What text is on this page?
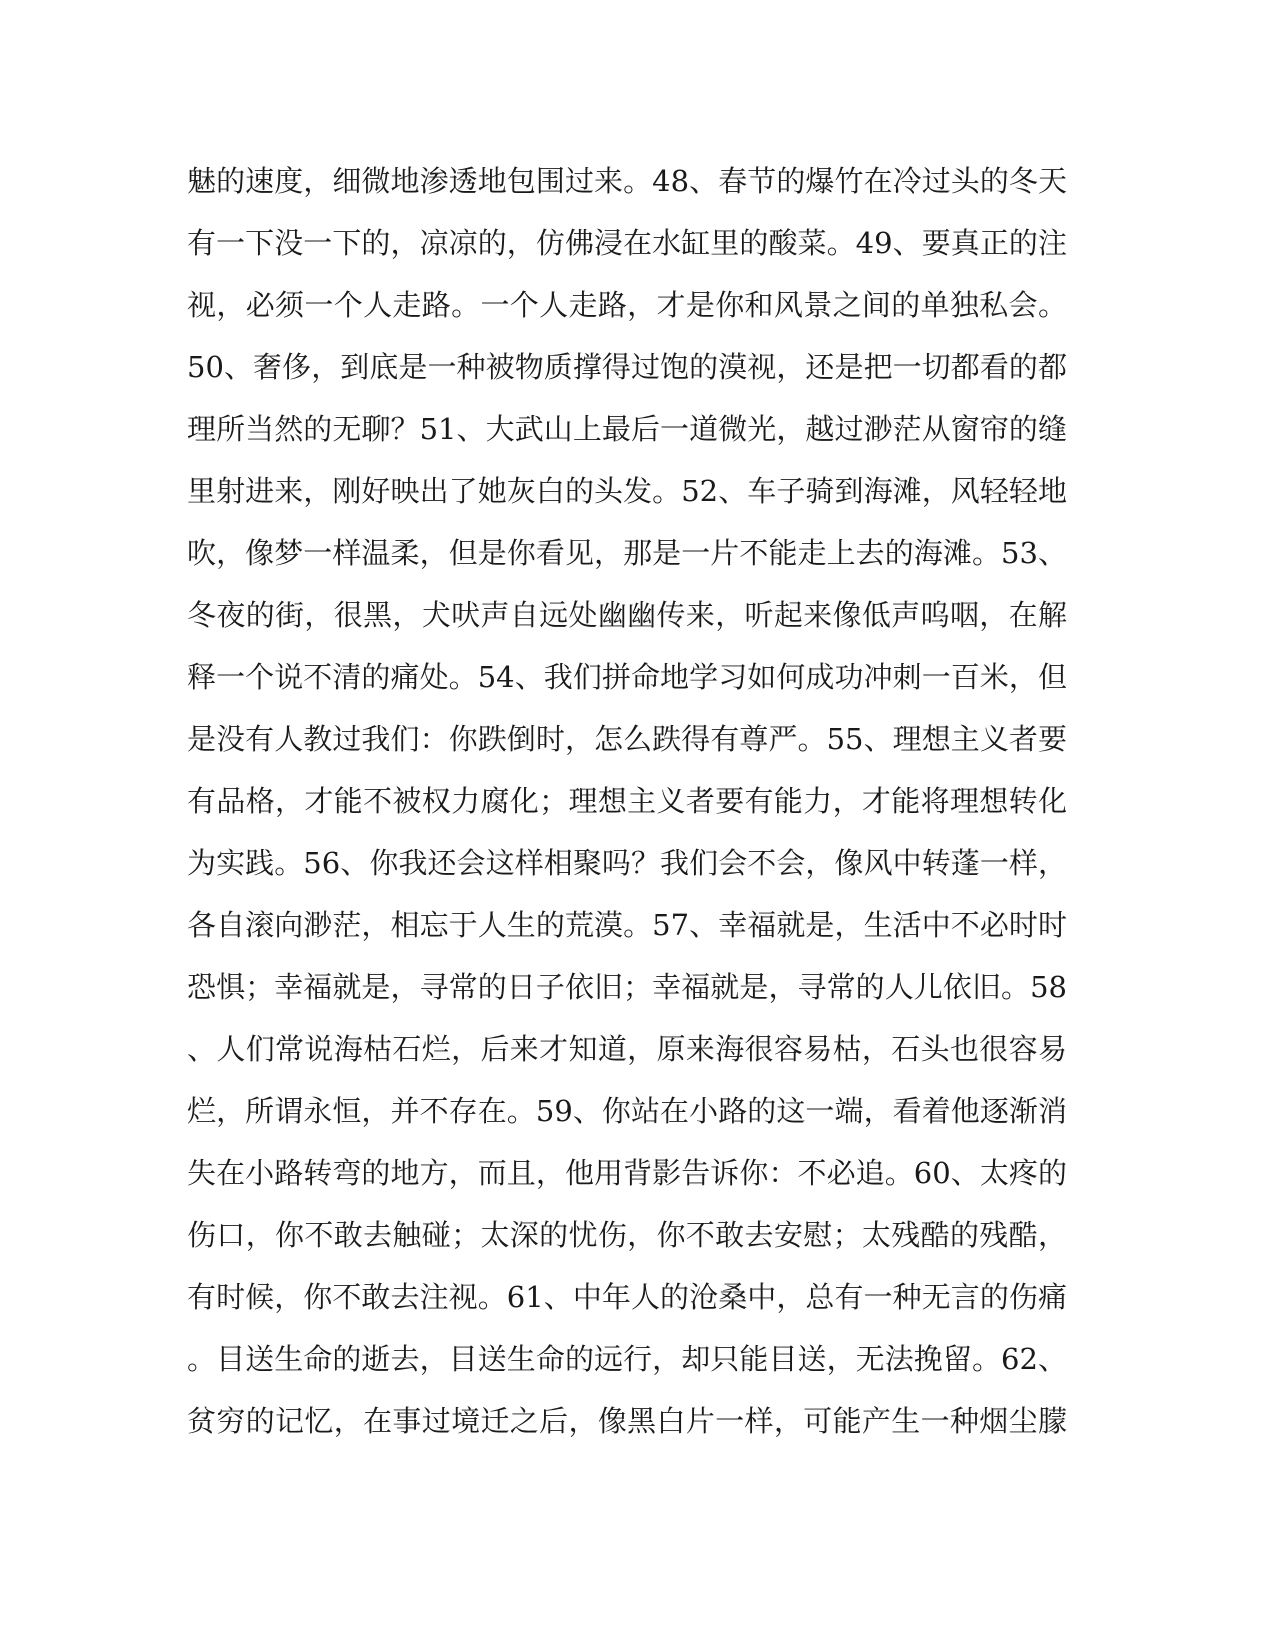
魅的速度，细微地渗透地包围过来。48、春节的爆竹在冷过头的冬天
有一下没一下的，凉凉的，仿佛浸在水缸里的酸菜。49、要真正的注
视，必须一个人走路。一个人走路，才是你和风景之间的单独私会。
50、奢侈，到底是一种被物质撑得过饱的漠视，还是把一切都看的都
理所当然的无聊？51、大武山上最后一道微光，越过渺茫从窗帘的缝
里射进来，刚好映出了她灰白的头发。52、车子骑到海滩，风轻轻地
吹，像梦一样温柔，但是你看见，那是一片不能走上去的海滩。53、
冬夜的街，很黑，犬吠声自远处幽幽传来，听起来像低声呜咽，在解
释一个说不清的痛处。54、我们拼命地学习如何成功冲刺一百米，但
是没有人教过我们：你跌倒时，怎么跌得有尊严。55、理想主义者要
有品格，才能不被权力腐化；理想主义者要有能力，才能将理想转化
为实践。56、你我还会这样相聚吗？我们会不会，像风中转蓬一样，
各自滚向渺茫，相忘于人生的荒漠。57、幸福就是，生活中不必时时
恐惧；幸福就是，寻常的日子依旧；幸福就是，寻常的人儿依旧。58
、人们常说海枯石烂，后来才知道，原来海很容易枯，石头也很容易
烂，所谓永恒，并不存在。59、你站在小路的这一端，看着他逐渐消
失在小路转弯的地方，而且，他用背影告诉你：不必追。60、太疼的
伤口，你不敢去触碰；太深的忧伤，你不敢去安慰；太残酷的残酷，
有时候，你不敢去注视。61、中年人的沧桑中，总有一种无言的伤痛
。目送生命的逝去，目送生命的远行，却只能目送，无法挽留。62、
贫穷的记忆，在事过境迁之后，像黑白片一样，可能产生一种烟尘朦
